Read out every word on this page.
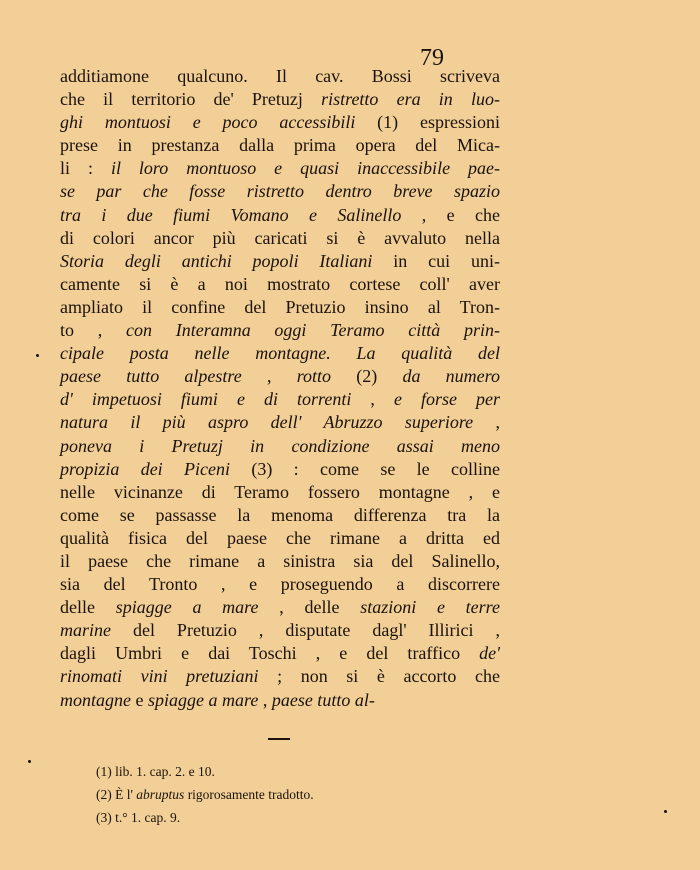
79
additiamone qualcuno. Il cav. Bossi scriveva
che il territorio de' Pretuzj ristretto era in luo-
ghi montuosi e poco accessibili (1) espressioni
prese in prestanza dalla prima opera del Mica-
li : il loro montuoso e quasi inaccessibile pae-
se par che fosse ristretto dentro breve spazio
tra i due fiumi Vomano e Salinello , e che
di colori ancor più caricati si è avvaluto nella
Storia degli antichi popoli Italiani in cui uni-
camente si è a noi mostrato cortese coll' aver
ampliato il confine del Pretuzio insino al Tron-
to , con Interamna oggi Teramo città prin-
cipale posta nelle montagne. La qualità del
paese tutto alpestre , rotto (2) da numero
d' impetuosi fiumi e di torrenti , e forse per
natura il più aspro dell' Abruzzo superiore ,
poneva i Pretuzj in condizione assai meno
propizia dei Piceni (3) : come se le colline
nelle vicinanze di Teramo fossero montagne , e
come se passasse la menoma differenza tra la
qualità fisica del paese che rimane a dritta ed
il paese che rimane a sinistra sia del Salinello,
sia del Tronto , e proseguendo a discorrere
delle spiagge a mare , delle stazioni e terre
marine del Pretuzio , disputate dagl' Illirici ,
dagli Umbri e dai Toschi , e del traffico de'
rinomati vini pretuziani ; non si è accorto che
montagne e spiagge a mare , paese tutto al-
(1) lib. 1. cap. 2. e 10.
(2) È l' abruptus rigorosamente tradotto.
(3) t.° 1. cap. 9.
